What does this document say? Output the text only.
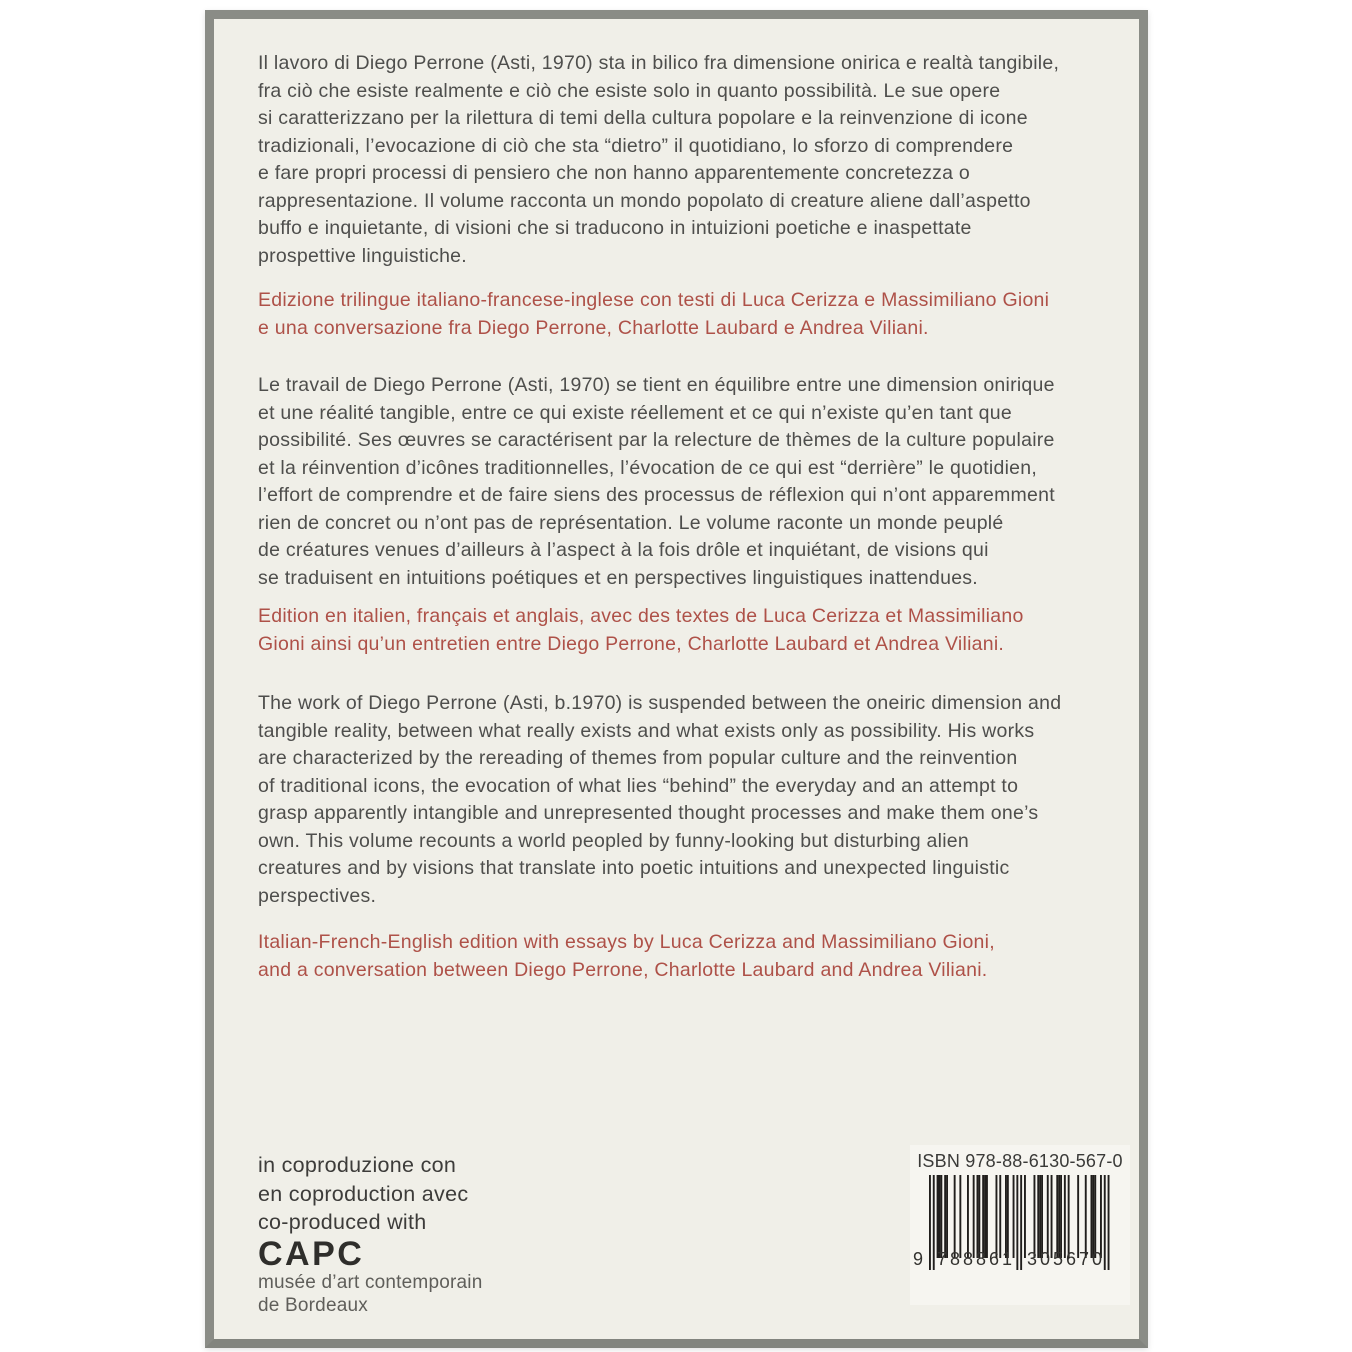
Il lavoro di Diego Perrone (Asti, 1970) sta in bilico fra dimensione onirica e realtà tangibile,
fra ciò che esiste realmente e ciò che esiste solo in quanto possibilità. Le sue opere
si caratterizzano per la rilettura di temi della cultura popolare e la reinvenzione di icone
tradizionali, l’evocazione di ciò che sta “dietro” il quotidiano, lo sforzo di comprendere
e fare propri processi di pensiero che non hanno apparentemente concretezza o
rappresentazione. Il volume racconta un mondo popolato di creature aliene dall’aspetto
buffo e inquietante, di visioni che si traducono in intuizioni poetiche e inaspettate
prospettive linguistiche.

Edizione trilingue italiano-francese-inglese con testi di Luca Cerizza e Massimiliano Gioni
e una conversazione fra Diego Perrone, Charlotte Laubard e Andrea Viliani.

Le travail de Diego Perrone (Asti, 1970) se tient en équilibre entre une dimension onirique
et une réalité tangible, entre ce qui existe réellement et ce qui n’existe qu’en tant que
possibilité. Ses œuvres se caractérisent par la relecture de thèmes de la culture populaire
et la réinvention d’icônes traditionnelles, l’évocation de ce qui est “derrière” le quotidien,
l’effort de comprendre et de faire siens des processus de réflexion qui n’ont apparemment
rien de concret ou n’ont pas de représentation. Le volume raconte un monde peuplé
de créatures venues d’ailleurs à l’aspect à la fois drôle et inquiétant, de visions qui
se traduisent en intuitions poétiques et en perspectives linguistiques inattendues.

Edition en italien, français et anglais, avec des textes de Luca Cerizza et Massimiliano
Gioni ainsi qu’un entretien entre Diego Perrone, Charlotte Laubard et Andrea Viliani.

The work of Diego Perrone (Asti, b.1970) is suspended between the oneiric dimension and
tangible reality, between what really exists and what exists only as possibility. His works
are characterized by the rereading of themes from popular culture and the reinvention
of traditional icons, the evocation of what lies “behind” the everyday and an attempt to
grasp apparently intangible and unrepresented thought processes and make them one’s
own. This volume recounts a world peopled by funny-looking but disturbing alien
creatures and by visions that translate into poetic intuitions and unexpected linguistic
perspectives.

Italian-French-English edition with essays by Luca Cerizza and Massimiliano Gioni,
and a conversation between Diego Perrone, Charlotte Laubard and Andrea Viliani.

in coproduzione con
en coproduction avec
co-produced with

CAPC

musée d’art contemporain
de Bordeaux

ISBN 978-88-6130-567-0
9 788861 305670
